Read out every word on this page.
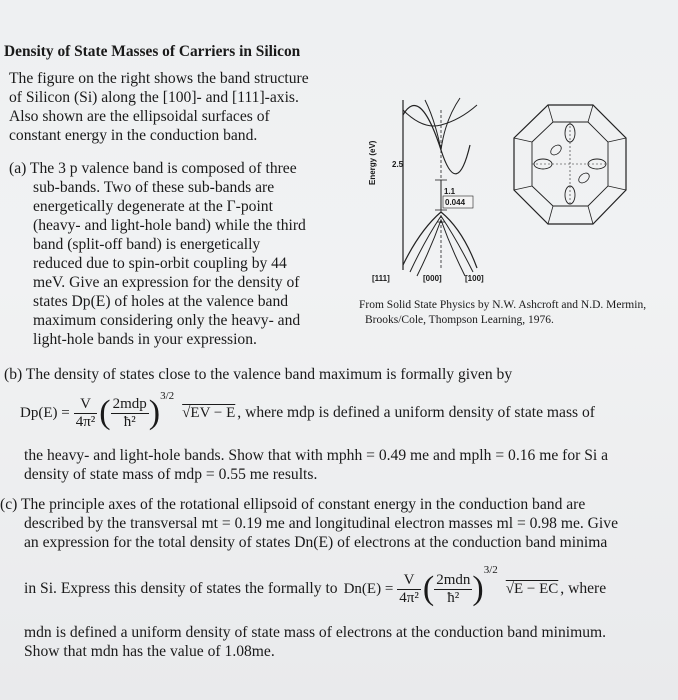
Density of State Masses of Carriers in Silicon
The figure on the right shows the band structure
of Silicon (Si) along the [100]- and [111]-axis.
Also shown are the ellipsoidal surfaces of
constant energy in the conduction band.
(a) The 3 p valence band is composed of three
sub-bands. Two of these sub-bands are
energetically degenerate at the Γ-point
(heavy- and light-hole band) while the third
band (split-off band) is energetically
reduced due to spin-orbit coupling by 44
meV. Give an expression for the density of
states Dp(E) of holes at the valence band
maximum considering only the heavy- and
light-hole bands in your expression.
Energy (eV) 2.5
1.1
0.044
[111]	[000]	[100]
From Solid State Physics by N.W. Ashcroft and N.D. Mermin,
Brooks/Cole, Thompson Learning, 1976.
(b) The density of states close to the valence band maximum is formally given by
$Dp(E) = \frac{V}{\text{4π²}}$ ( $\frac{\text{2mdp}}{\text{ħ²}}$ ) 3/2
√EV − E , where mdp is defined a uniform density of state mass of
the heavy- and light-hole bands. Show that with mphh = 0.49 me and mplh = 0.16 me for Si a
density of state mass of mdp = 0.55 me results.
(c) The principle axes of the rotational ellipsoid of constant energy in the conduction band are
described by the transversal mt = 0.19 me and longitudinal electron masses ml = 0.98 me. Give
an expression for the total density of states Dn(E) of electrons at the conduction band minima
in Si. Express this density of states the formally to $Dn(E) = \frac{V}{\text{4π²}}$ ( $\frac{\text{2mdn}}{\text{ħ²}}$ ) 3/2
√E − EC , where
mdn is defined a uniform density of state mass of electrons at the conduction band minimum.
Show that mdn has the value of 1.08me.
